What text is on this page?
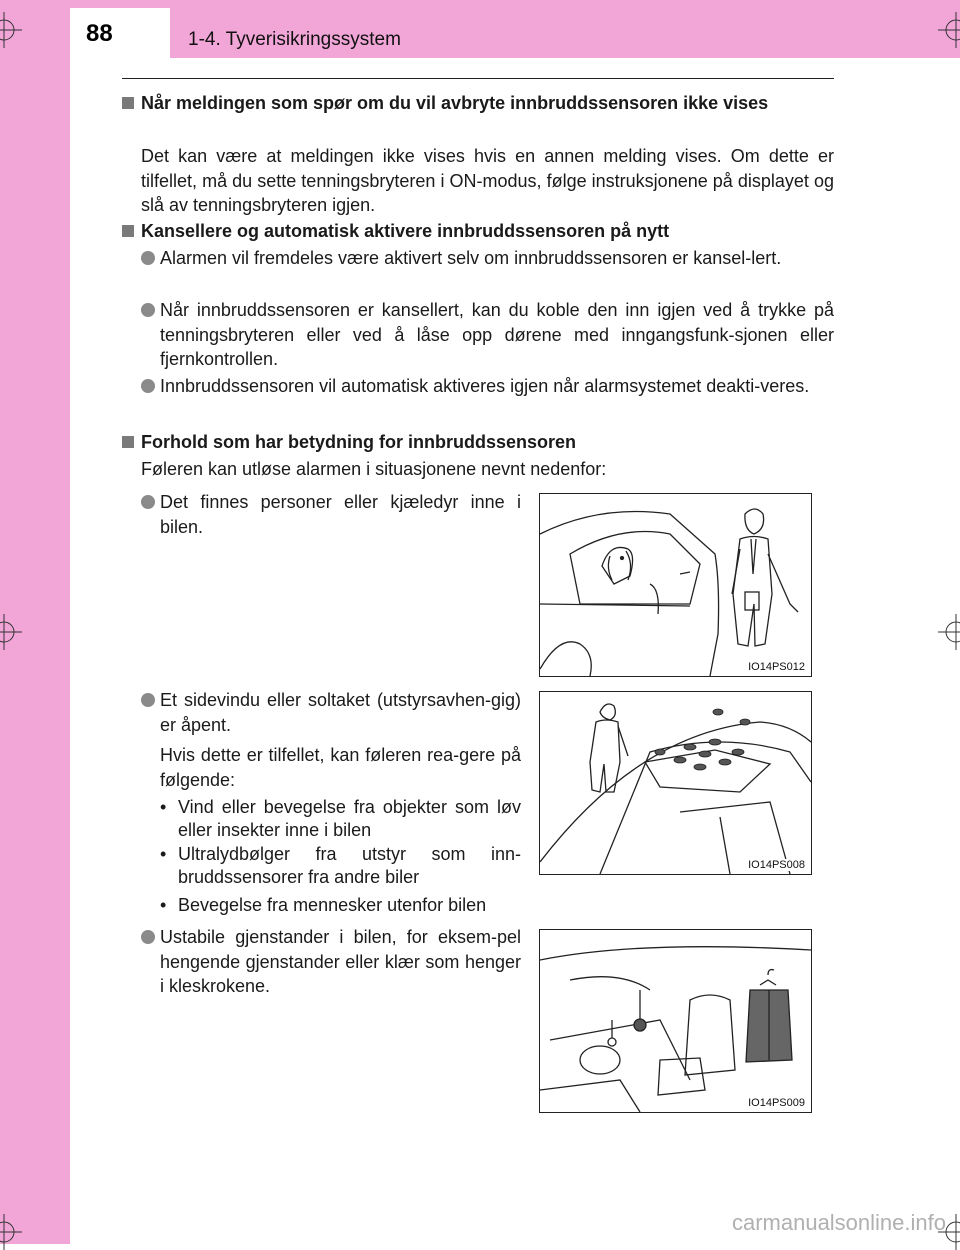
88	1-4. Tyverisikringssystem
Når meldingen som spør om du vil avbryte innbruddssensoren ikke vises
Det kan være at meldingen ikke vises hvis en annen melding vises. Om dette er tilfellet, må du sette tenningsbryteren i ON-modus, følge instruksjonene på displayet og slå av tenningsbryteren igjen.
Kansellere og automatisk aktivere innbruddssensoren på nytt
Alarmen vil fremdeles være aktivert selv om innbruddssensoren er kansel-lert.
Når innbruddssensoren er kansellert, kan du koble den inn igjen ved å trykke på tenningsbryteren eller ved å låse opp dørene med inngangsfunk-sjonen eller fjernkontrollen.
Innbruddssensoren vil automatisk aktiveres igjen når alarmsystemet deakti-veres.
Forhold som har betydning for innbruddssensoren
Føleren kan utløse alarmen i situasjonene nevnt nedenfor:
Det finnes personer eller kjæledyr inne i bilen.
Et sidevindu eller soltaket (utstyrsavhen-gig) er åpent.
Hvis dette er tilfellet, kan føleren rea-gere på følgende:
• Vind eller bevegelse fra objekter som løv eller insekter inne i bilen
• Ultralydbølger fra utstyr som inn-bruddssensorer fra andre biler
• Bevegelse fra mennesker utenfor bilen
Ustabile gjenstander i bilen, for eksem-pel hengende gjenstander eller klær som henger i kleskrokene.
IO14PS012
IO14PS008
IO14PS009
carmanualsonline.info
